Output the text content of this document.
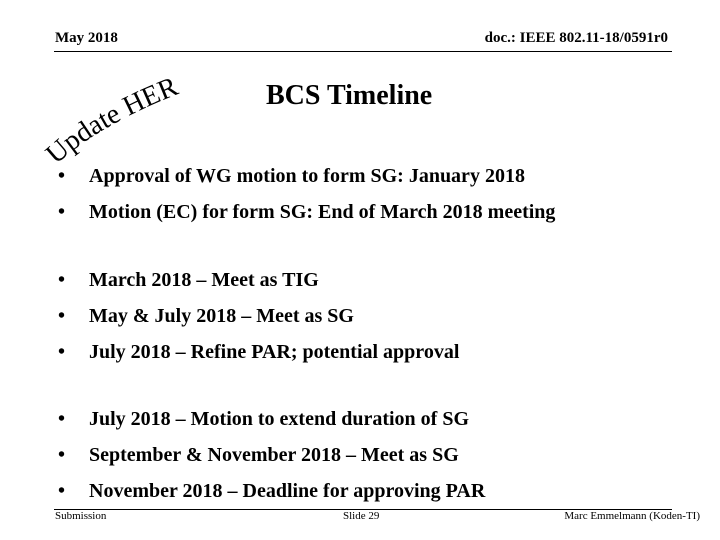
May 2018	doc.: IEEE 802.11-18/0591r0
Update HERE
BCS Timeline
• Approval of WG motion to form SG: January 2018
• Motion (EC) for form SG: End of March 2018 meeting
• March 2018 – Meet as TIG
• May & July 2018 – Meet as SG
• July 2018 – Refine PAR; potential approval
• July 2018 – Motion to extend duration of SG
• September & November 2018 – Meet as SG
• November 2018 – Deadline for approving PAR
Submission	Slide 29	Marc Emmelmann (Koden-TI)
